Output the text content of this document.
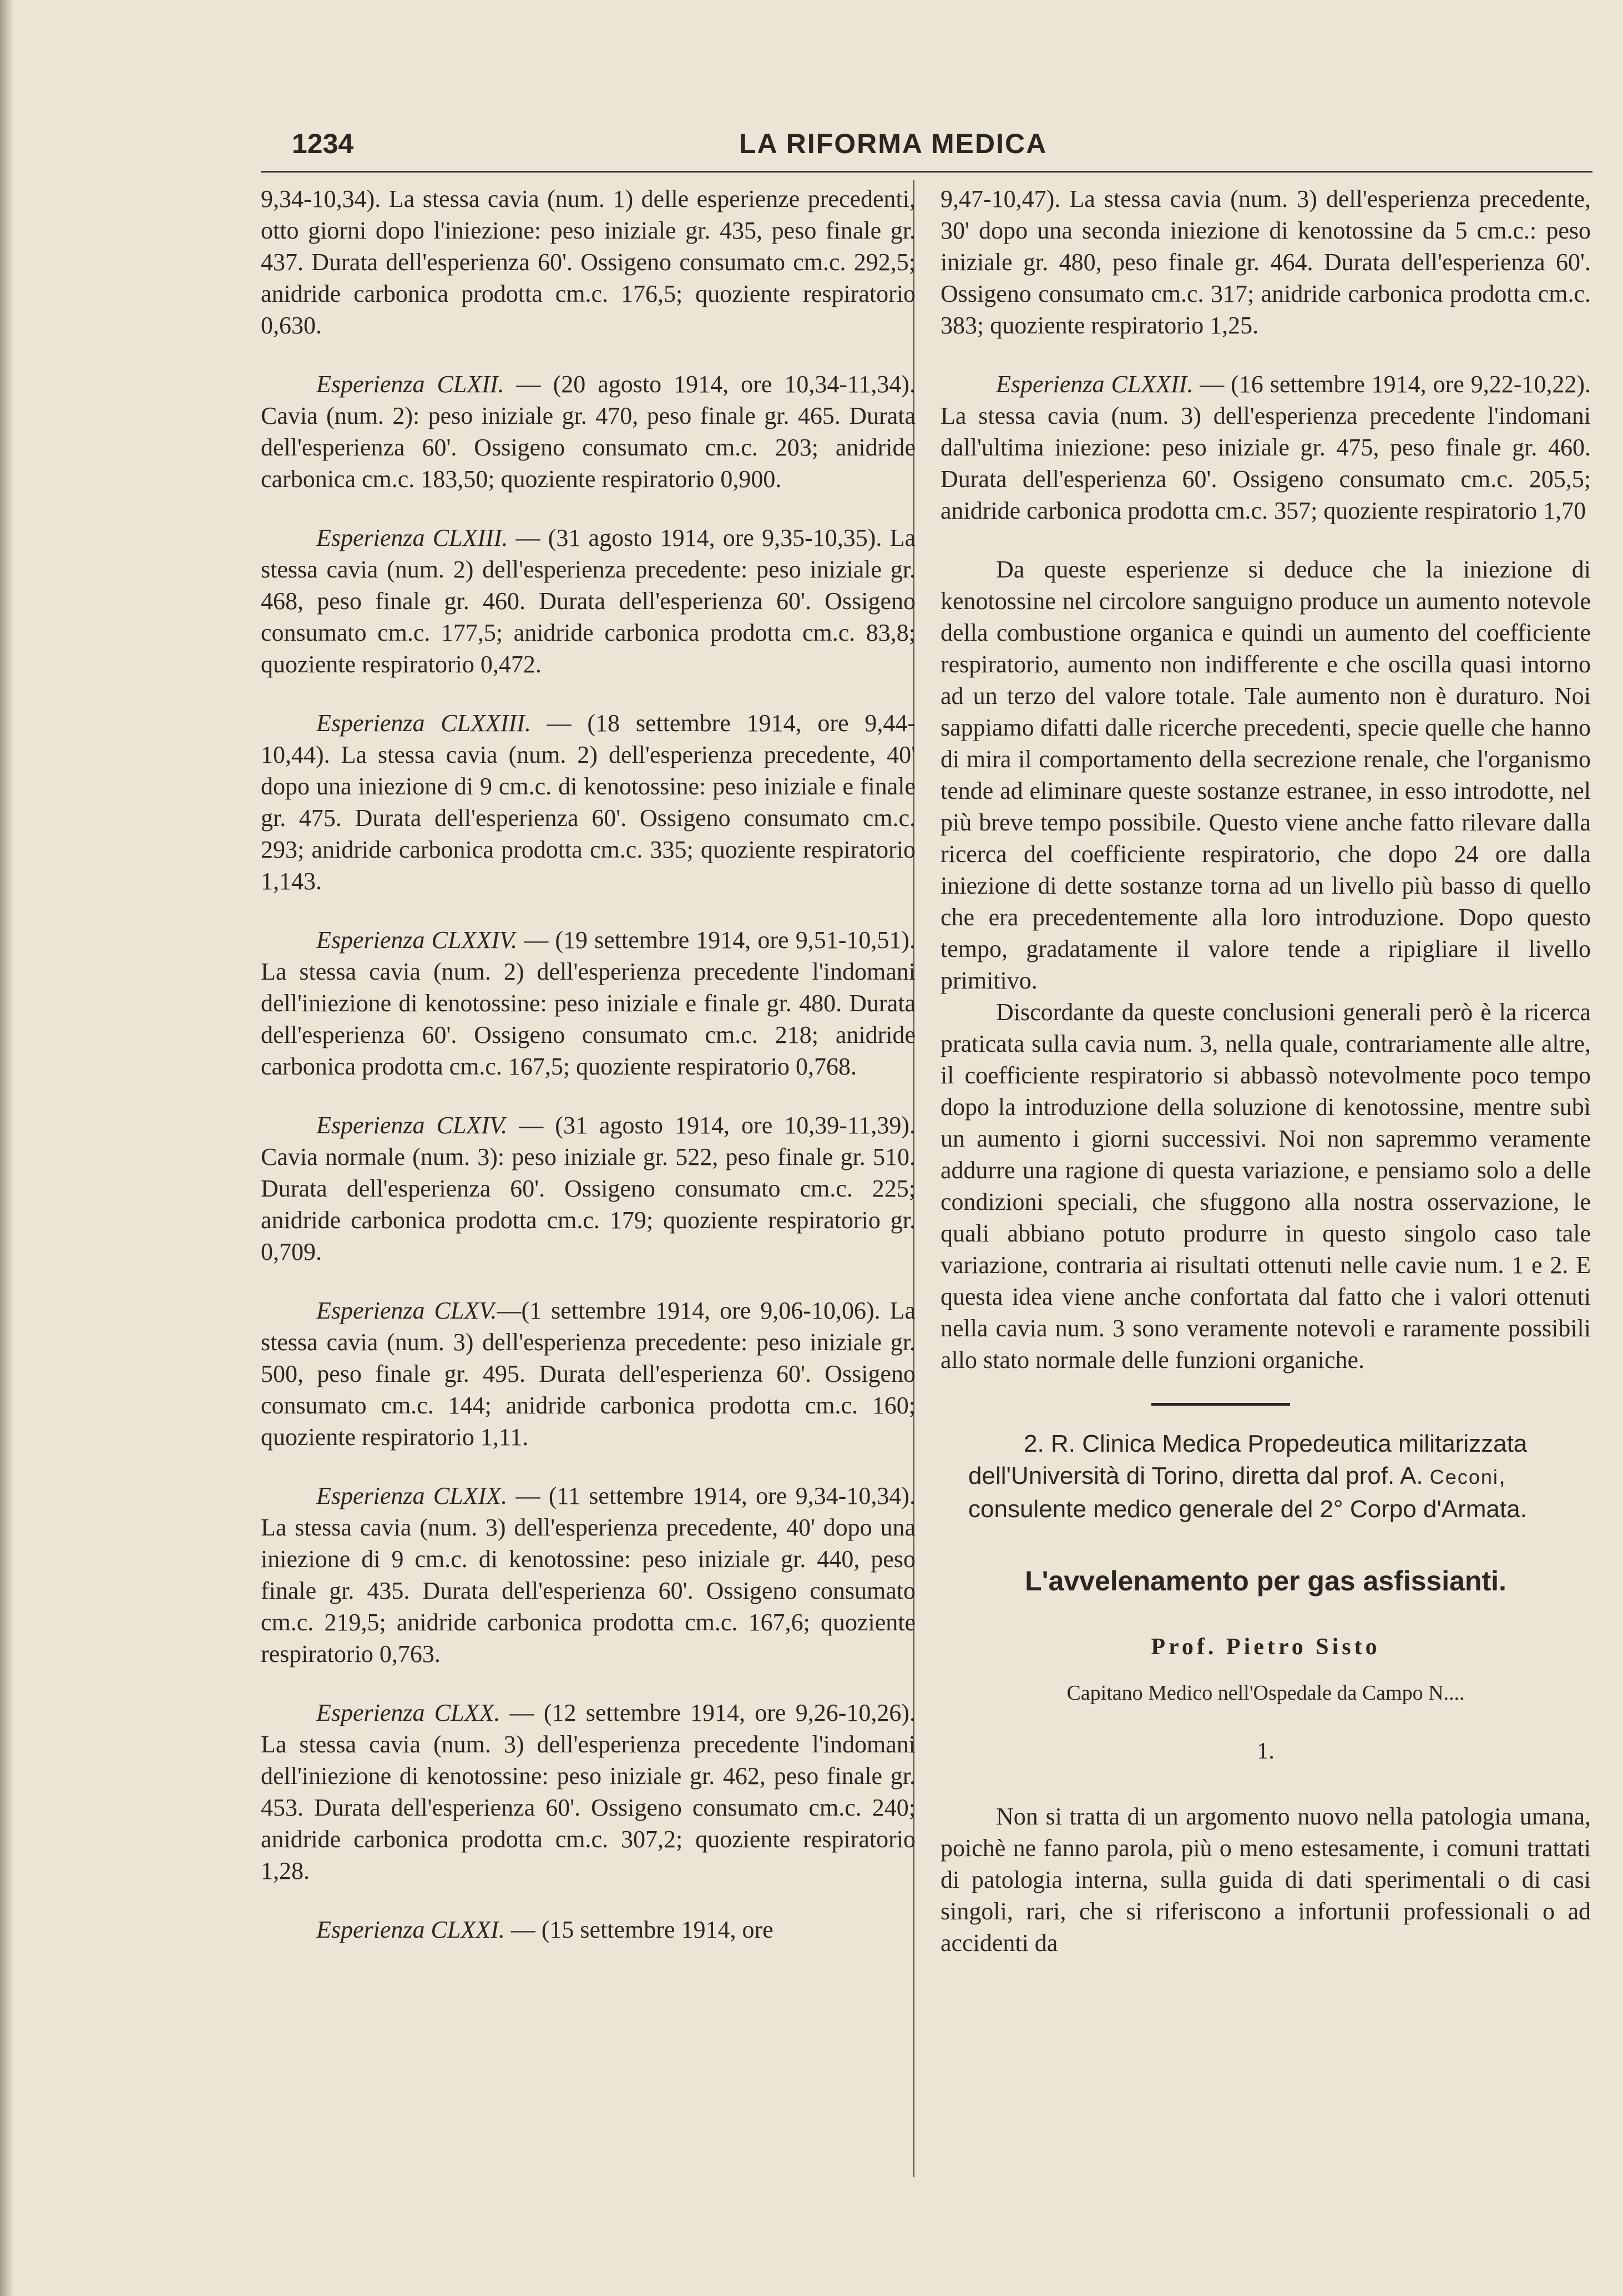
1234	LA RIFORMA MEDICA

9,34-10,34). La stessa cavia (num. 1) delle esperienze precedenti, otto giorni dopo l'iniezione: peso iniziale gr. 435, peso finale gr. 437. Durata dell'esperienza 60'. Ossigeno consumato cm.c. 292,5; anidride carbonica prodotta cm.c. 176,5; quoziente respiratorio 0,630.

Esperienza CLXII. — (20 agosto 1914, ore 10,34-11,34). Cavia (num. 2): peso iniziale gr. 470, peso finale gr. 465. Durata dell'esperienza 60'. Ossigeno consumato cm.c. 203; anidride carbonica cm.c. 183,50; quoziente respiratorio 0,900.

Esperienza CLXIII. — (31 agosto 1914, ore 9,35-10,35). La stessa cavia (num. 2) dell'esperienza precedente: peso iniziale gr. 468, peso finale gr. 460. Durata dell'esperienza 60'. Ossigeno consumato cm.c. 177,5; anidride carbonica prodotta cm.c. 83,8; quoziente respiratorio 0,472.

Esperienza CLXXIII. — (18 settembre 1914, ore 9,44-10,44). La stessa cavia (num. 2) dell'esperienza precedente, 40' dopo una iniezione di 9 cm.c. di kenotossine: peso iniziale e finale gr. 475. Durata dell'esperienza 60'. Ossigeno consumato cm.c. 293; anidride carbonica prodotta cm.c. 335; quoziente respiratorio 1,143.

Esperienza CLXXIV. — (19 settembre 1914, ore 9,51-10,51). La stessa cavia (num. 2) dell'esperienza precedente l'indomani dell'iniezione di kenotossine: peso iniziale e finale gr. 480. Durata dell'esperienza 60'. Ossigeno consumato cm.c. 218; anidride carbonica prodotta cm.c. 167,5; quoziente respiratorio 0,768.

Esperienza CLXIV. — (31 agosto 1914, ore 10,39-11,39). Cavia normale (num. 3): peso iniziale gr. 522, peso finale gr. 510. Durata dell'esperienza 60'. Ossigeno consumato cm.c. 225; anidride carbonica prodotta cm.c. 179; quoziente respiratorio gr. 0,709.

Esperienza CLXV.—(1 settembre 1914, ore 9,06-10,06). La stessa cavia (num. 3) dell'esperienza precedente: peso iniziale gr. 500, peso finale gr. 495. Durata dell'esperienza 60'. Ossigeno consumato cm.c. 144; anidride carbonica prodotta cm.c. 160; quoziente respiratorio 1,11.

Esperienza CLXIX. — (11 settembre 1914, ore 9,34-10,34). La stessa cavia (num. 3) dell'esperienza precedente, 40' dopo una iniezione di 9 cm.c. di kenotossine: peso iniziale gr. 440, peso finale gr. 435. Durata dell'esperienza 60'. Ossigeno consumato cm.c. 219,5; anidride carbonica prodotta cm.c. 167,6; quoziente respiratorio 0,763.

Esperienza CLXX. — (12 settembre 1914, ore 9,26-10,26). La stessa cavia (num. 3) dell'esperienza precedente l'indomani dell'iniezione di kenotossine: peso iniziale gr. 462, peso finale gr. 453. Durata dell'esperienza 60'. Ossigeno consumato cm.c. 240; anidride carbonica prodotta cm.c. 307,2; quoziente respiratorio 1,28.

Esperienza CLXXI. — (15 settembre 1914, ore

9,47-10,47). La stessa cavia (num. 3) dell'esperienza precedente, 30' dopo una seconda iniezione di kenotossine da 5 cm.c.: peso iniziale gr. 480, peso finale gr. 464. Durata dell'esperienza 60'. Ossigeno consumato cm.c. 317; anidride carbonica prodotta cm.c. 383; quoziente respiratorio 1,25.

Esperienza CLXXII. — (16 settembre 1914, ore 9,22-10,22). La stessa cavia (num. 3) dell'esperienza precedente l'indomani dall'ultima iniezione: peso iniziale gr. 475, peso finale gr. 460. Durata dell'esperienza 60'. Ossigeno consumato cm.c. 205,5; anidride carbonica prodotta cm.c. 357; quoziente respiratorio 1,70

Da queste esperienze si deduce che la iniezione di kenotossine nel circolore sanguigno produce un aumento notevole della combustione organica e quindi un aumento del coefficiente respiratorio, aumento non indifferente e che oscilla quasi intorno ad un terzo del valore totale. Tale aumento non è duraturo. Noi sappiamo difatti dalle ricerche precedenti, specie quelle che hanno di mira il comportamento della secrezione renale, che l'organismo tende ad eliminare queste sostanze estranee, in esso introdotte, nel più breve tempo possibile. Questo viene anche fatto rilevare dalla ricerca del coefficiente respiratorio, che dopo 24 ore dalla iniezione di dette sostanze torna ad un livello più basso di quello che era precedentemente alla loro introduzione. Dopo questo tempo, gradatamente il valore tende a ripigliare il livello primitivo.

Discordante da queste conclusioni generali però è la ricerca praticata sulla cavia num. 3, nella quale, contrariamente alle altre, il coefficiente respiratorio si abbassò notevolmente poco tempo dopo la introduzione della soluzione di kenotossine, mentre subì un aumento i giorni successivi. Noi non sapremmo veramente addurre una ragione di questa variazione, e pensiamo solo a delle condizioni speciali, che sfuggono alla nostra osservazione, le quali abbiano potuto produrre in questo singolo caso tale variazione, contraria ai risultati ottenuti nelle cavie num. 1 e 2. E questa idea viene anche confortata dal fatto che i valori ottenuti nella cavia num. 3 sono veramente notevoli e raramente possibili allo stato normale delle funzioni organiche.

2. R. Clinica Medica Propedeutica militarizzata dell'Università di Torino, diretta dal prof. A. Ceconi, consulente medico generale del 2° Corpo d'Armata.

L'avvelenamento per gas asfissianti.
Prof. Pietro Sisto
Capitano Medico nell'Ospedale da Campo N....
1.

Non si tratta di un argomento nuovo nella patologia umana, poichè ne fanno parola, più o meno estesamente, i comuni trattati di patologia interna, sulla guida di dati sperimentali o di casi singoli, rari, che si riferiscono a infortunii professionali o ad accidenti da
